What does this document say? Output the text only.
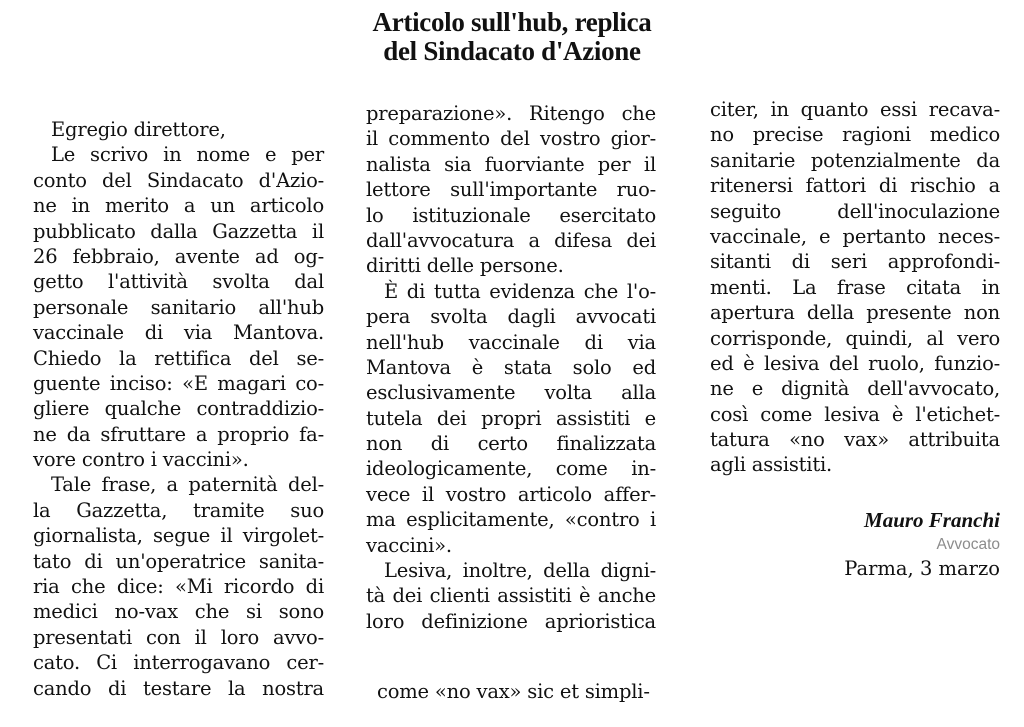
Articolo sull'hub, replica
del Sindacato d'Azione
Egregio direttore,
Le scrivo in nome e per
conto del Sindacato d'Azio-
ne in merito a un articolo
pubblicato dalla Gazzetta il
26 febbraio, avente ad og-
getto l'attività svolta dal
personale sanitario all'hub
vaccinale di via Mantova.
Chiedo la rettifica del se-
guente inciso: «E magari co-
gliere qualche contraddizio-
ne da sfruttare a proprio fa-
vore contro i vaccini».
Tale frase, a paternità del-
la Gazzetta, tramite suo
giornalista, segue il virgolet-
tato di un'operatrice sanita-
ria che dice: «Mi ricordo di
medici no-vax che si sono
presentati con il loro avvo-
cato. Ci interrogavano cer-
cando di testare la nostra
preparazione». Ritengo che
il commento del vostro gior-
nalista sia fuorviante per il
lettore sull'importante ruo-
lo istituzionale esercitato
dall'avvocatura a difesa dei
diritti delle persone.
È di tutta evidenza che l'o-
pera svolta dagli avvocati
nell'hub vaccinale di via
Mantova è stata solo ed
esclusivamente volta alla
tutela dei propri assistiti e
non di certo finalizzata
ideologicamente, come in-
vece il vostro articolo affer-
ma esplicitamente, «contro i
vaccini».
Lesiva, inoltre, della digni-
tà dei clienti assistiti è anche
loro definizione aprioristica
come «no vax» sic et simpli-
citer, in quanto essi recava-
no precise ragioni medico
sanitarie potenzialmente da
ritenersi fattori di rischio a
seguito dell'inoculazione
vaccinale, e pertanto neces-
sitanti di seri approfondi-
menti. La frase citata in
apertura della presente non
corrisponde, quindi, al vero
ed è lesiva del ruolo, funzio-
ne e dignità dell'avvocato,
così come lesiva è l'etichet-
tatura «no vax» attribuita
agli assistiti.
Mauro Franchi
Avvocato
Parma, 3 marzo
